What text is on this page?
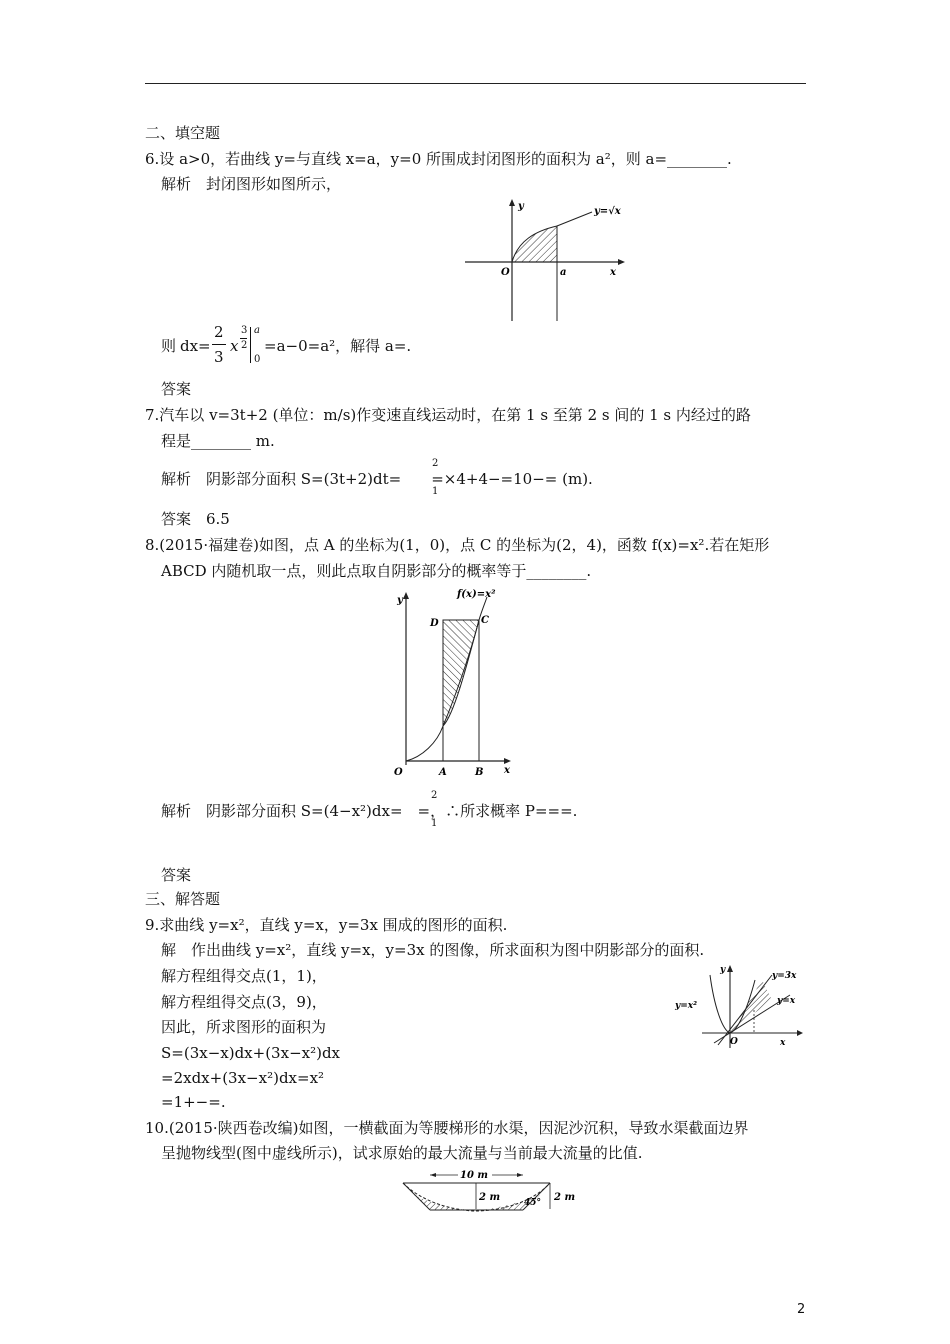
二、填空题
6.设 a>0，若曲线 y=与直线 x=a，y=0 所围成封闭图形的面积为 a²，则 a=________.
解析　封闭图形如图所示，
y
x
O	a
y=√x
则 dx=
2
3
x
3
2
a
0
=a−0=a²，解得 a=.
答案
7.汽车以 v=3t+2 (单位：m/s)作变速直线运动时，在第 1 s 至第 2 s 间的 1 s 内经过的路
程是________ m.
解析　阴影部分面积 S=(3t+2)dt=　　=×4+4−=10−= (m).
2
1
答案　6.5
8.(2015·福建卷)如图，点 A 的坐标为(1，0)，点 C 的坐标为(2，4)，函数 f(x)=x².若在矩形
ABCD 内随机取一点，则此点取自阴影部分的概率等于________.
y
x
O	A	B
D	C
f(x)=x²
解析　阴影部分面积 S=(4−x²)dx=　=，∴所求概率 P===.
2
1
答案
三、解答题
9.求曲线 y=x²，直线 y=x，y=3x 围成的图形的面积.
解　作出曲线 y=x²，直线 y=x，y=3x 的图像，所求面积为图中阴影部分的面积.
解方程组得交点(1，1)，
解方程组得交点(3，9)，
因此，所求图形的面积为
S=(3x−x)dx+(3x−x²)dx
=2xdx+(3x−x²)dx=x²
=1+−=.
y
x
O
y=3x
y=x
y=x²
10.(2015·陕西卷改编)如图，一横截面为等腰梯形的水渠，因泥沙沉积，导致水渠截面边界
呈抛物线型(图中虚线所示)，试求原始的最大流量与当前最大流量的比值.
10 m
2 m	2 m
45°
2
